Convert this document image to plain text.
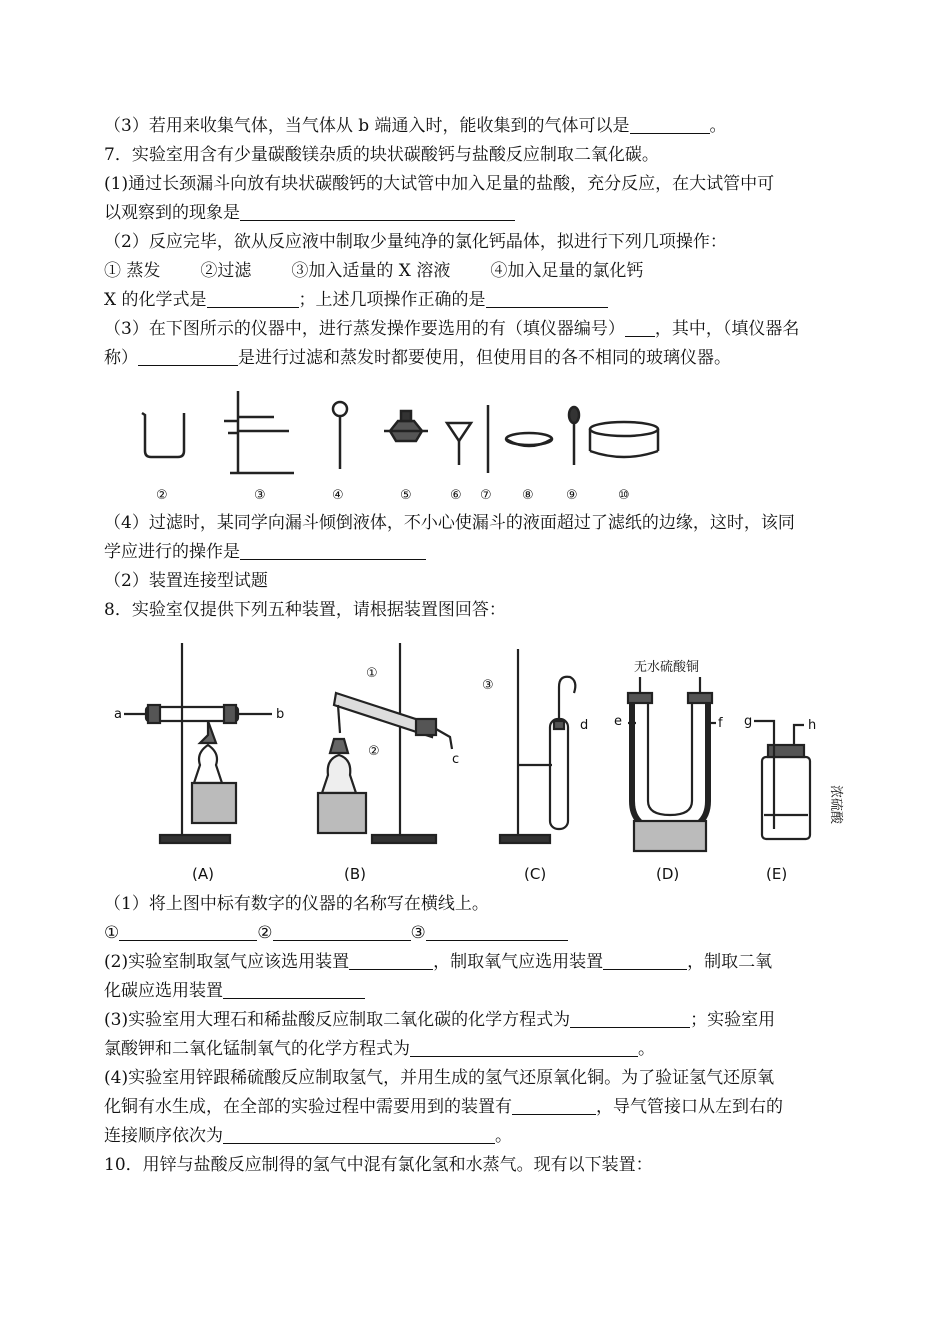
（3）若用来收集气体，当气体从 b 端通入时，能收集到的气体可以是	。
7．实验室用含有少量碳酸镁杂质的块状碳酸钙与盐酸反应制取二氧化碳。
(1)通过长颈漏斗向放有块状碳酸钙的大试管中加入足量的盐酸，充分反应，在大试管中可
以观察到的现象是
（2）反应完毕，欲从反应液中制取少量纯净的氯化钙晶体，拟进行下列几项操作：
① 蒸发 ②过滤 ③加入适量的 X 溶液 ④加入足量的氯化钙
X 的化学式是	；上述几项操作正确的是
（3）在下图所示的仪器中，进行蒸发操作要选用的有（填仪器编号） ，其中，（填仪器名
称）	是进行过滤和蒸发时都要使用，但使用目的各不相同的玻璃仪器。
②	③	④	⑤	⑥ ⑦ ⑧ ⑨	⑩
（4）过滤时，某同学向漏斗倾倒液体，不小心使漏斗的液面超过了滤纸的边缘，这时，该同
学应进行的操作是
（2）装置连接型试题
8．实验室仅提供下列五种装置，请根据装置图回答：
a	b
c
d e	f g	h
①
②
③
无水硫酸铜
浓硫酸
(A)	(B)	(C)	(D)	(E)
（1）将上图中标有数字的仪器的名称写在横线上。
①	②	③
(2)实验室制取氢气应该选用装置	，制取氧气应选用装置	，制取二氧
化碳应选用装置
(3)实验室用大理石和稀盐酸反应制取二氧化碳的化学方程式为	；实验室用
氯酸钾和二氧化锰制氧气的化学方程式为	。
(4)实验室用锌跟稀硫酸反应制取氢气，并用生成的氢气还原氧化铜。为了验证氢气还原氧
化铜有水生成，在全部的实验过程中需要用到的装置有	，导气管接口从左到右的
连接顺序依次为	。
10．用锌与盐酸反应制得的氢气中混有氯化氢和水蒸气。现有以下装置：
